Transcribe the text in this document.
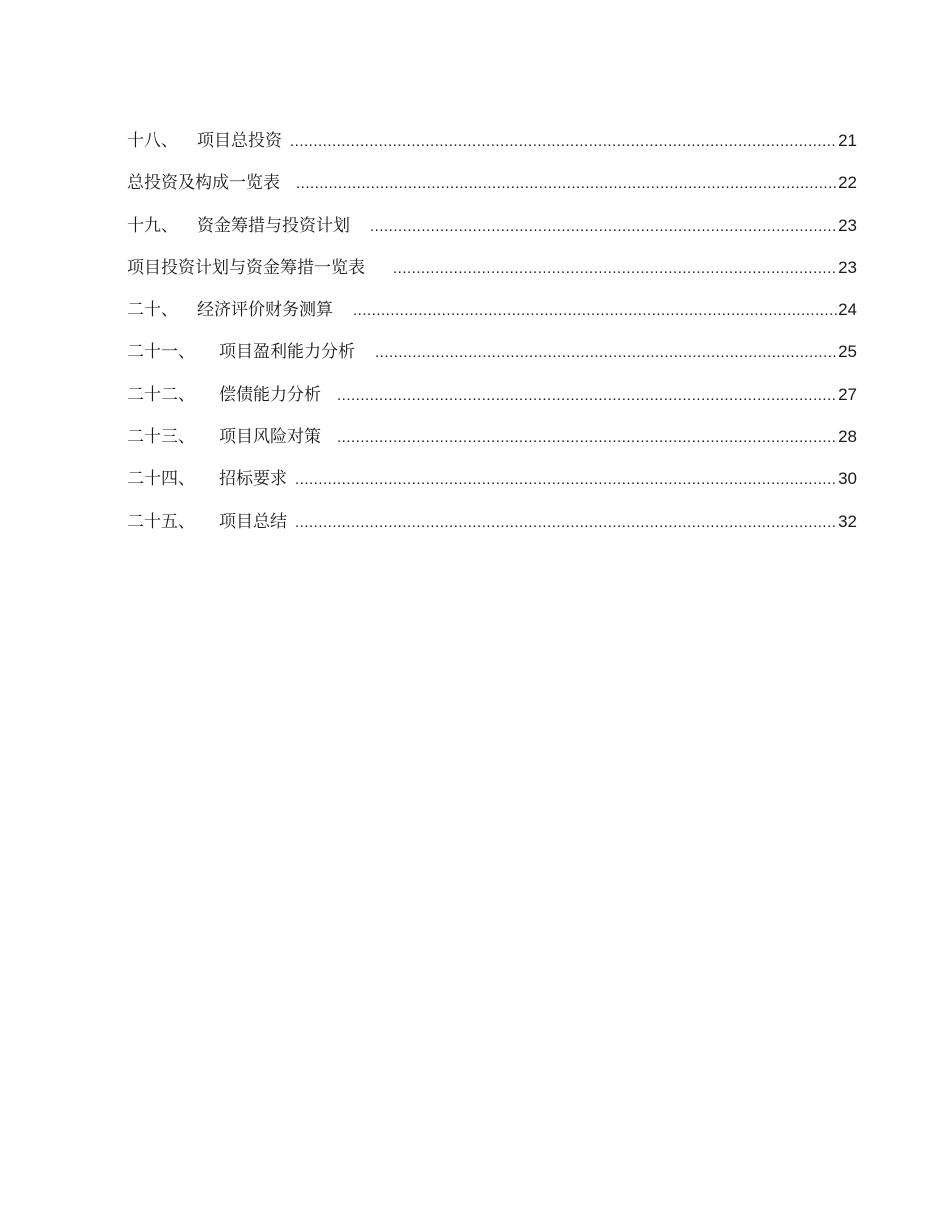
十八、	项目总投资 .....	21
总投资及构成一览表 .....	22
十九、	资金筹措与投资计划 .....	23
项目投资计划与资金筹措一览表 .....	23
二十、	经济评价财务测算 .....	24
二十一、	项目盈利能力分析 .....	25
二十二、	偿债能力分析 .....	27
二十三、	项目风险对策 .....	28
二十四、	招标要求 .....	30
二十五、	项目总结 .....	32
